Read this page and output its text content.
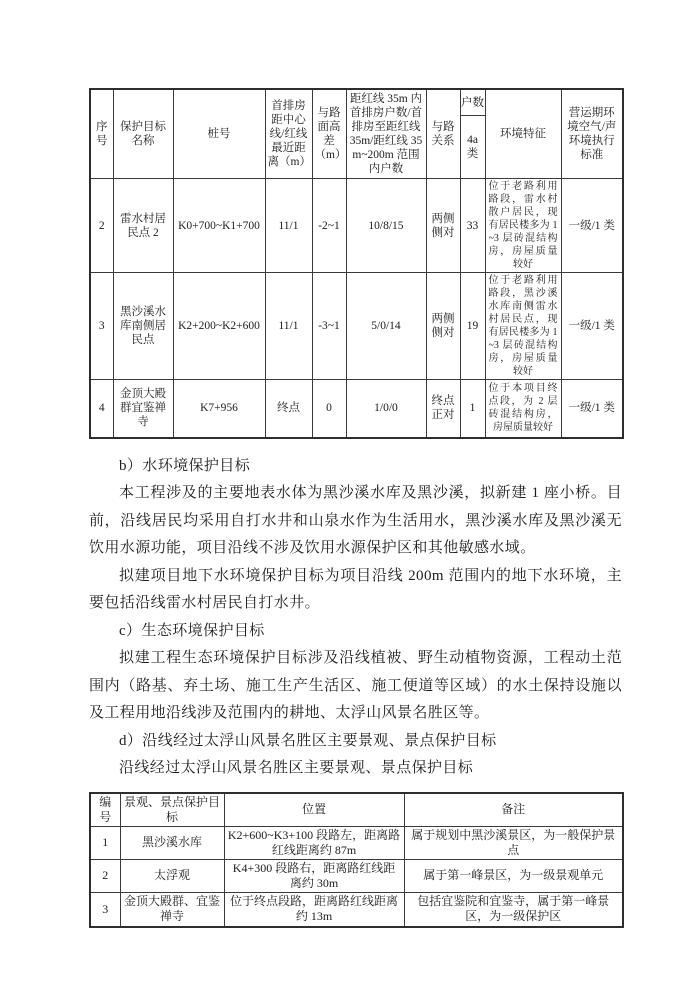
序号	保护目标名称	桩号	首排房距中心线/红线最近距离（m）	与路面高差（m）	距红线 35m 内首排房户数/首排房至距红线 35m/距红线 35m~200m 范围内户数	与路关系	户数
4a 类	环境特征	营运期环境空气/声环境执行标准
2	雷水村居民点 2	K0+700~K1+700	11/1	-2~1	10/8/15	两侧侧对	33	位于老路利用路段，雷水村散户居民，现有居民楼多为 1~3 层砖混结构房，房屋质量较好	一级/1 类
3	黑沙溪水库南侧居民点	K2+200~K2+600	11/1	-3~1	5/0/14	两侧侧对	19	位于老路利用路段，黑沙溪水库南侧雷水村居民点，现有居民楼多为 1~3 层砖混结构房，房屋质量较好	一级/1 类
4	金顶大殿群宜鉴禅寺	K7+956	终点	0	1/0/0	终点正对	1	位于本项目终点段，为 2 层砖混结构房，房屋质量较好	一级/1 类

b）水环境保护目标

本工程涉及的主要地表水体为黑沙溪水库及黑沙溪，拟新建 1 座小桥。目前，沿线居民均采用自打水井和山泉水作为生活用水，黑沙溪水库及黑沙溪无饮用水源功能，项目沿线不涉及饮用水源保护区和其他敏感水域。

拟建项目地下水环境保护目标为项目沿线 200m 范围内的地下水环境，主要包括沿线雷水村居民自打水井。

c）生态环境保护目标

拟建工程生态环境保护目标涉及沿线植被、野生动植物资源，工程动土范围内（路基、弃土场、施工生产生活区、施工便道等区域）的水土保持设施以及工程用地沿线涉及范围内的耕地、太浮山风景名胜区等。

d）沿线经过太浮山风景名胜区主要景观、景点保护目标

沿线经过太浮山风景名胜区主要景观、景点保护目标

编号	景观、景点保护目标	位置	备注
1	黑沙溪水库	K2+600~K3+100 段路左，距离路红线距离约 87m	属于规划中黑沙溪景区，为一般保护景点
2	太浮观	K4+300 段路右，距离路红线距离约 30m	属于第一峰景区，为一级景观单元
3	金顶大殿群、宜鉴禅寺	位于终点段路，距离路红线距离约 13m	包括宜鉴院和宜鉴寺，属于第一峰景区，为一级保护区
